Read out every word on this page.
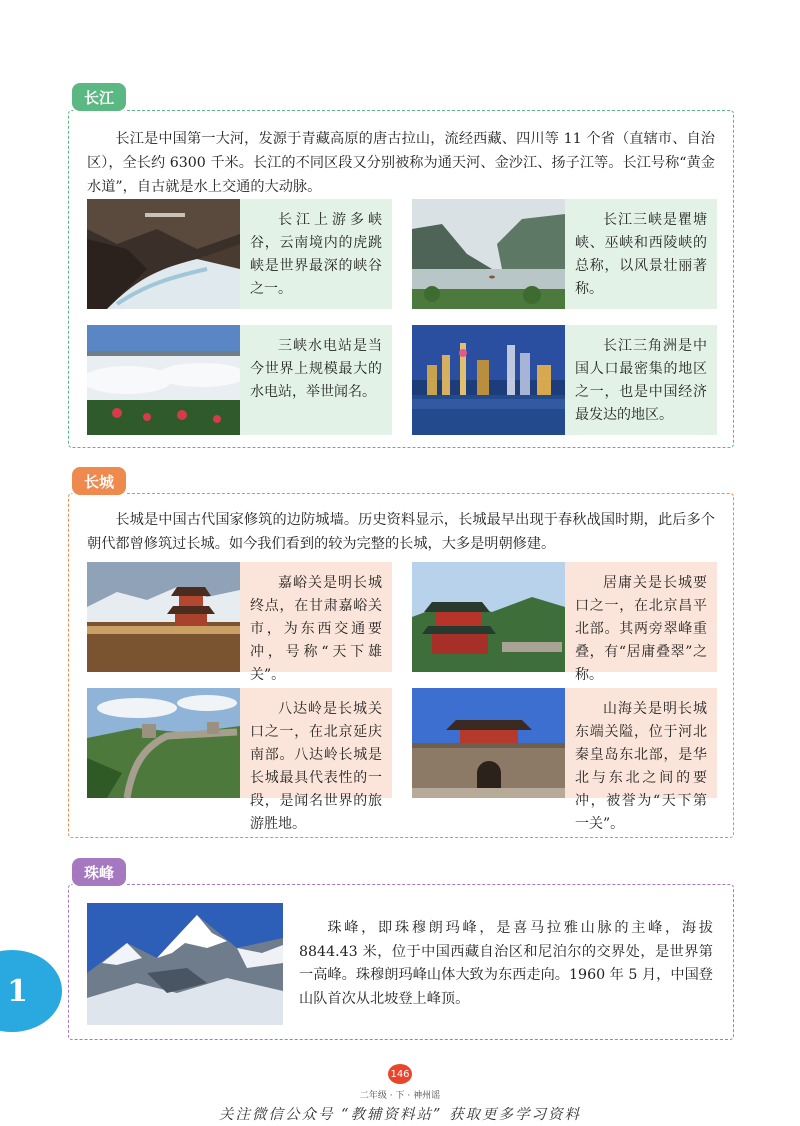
长江是中国第一大河，发源于青藏高原的唐古拉山，流经西藏、四川等 11 个省（直辖市、自治区），全长约 6300 千米。长江的不同区段又分别被称为通天河、金沙江、扬子江等。长江号称“黄金水道”，自古就是水上交通的大动脉。
长江上游多峡谷，云南境内的虎跳峡是世界最深的峡谷之一。
长江三峡是瞿塘峡、巫峡和西陵峡的总称，以风景壮丽著称。
三峡水电站是当今世界上规模最大的水电站，举世闻名。
长江三角洲是中国人口最密集的地区之一，也是中国经济最发达的地区。
长江
长城是中国古代国家修筑的边防城墙。历史资料显示，长城最早出现于春秋战国时期，此后多个朝代都曾修筑过长城。如今我们看到的较为完整的长城，大多是明朝修建。
嘉峪关是明长城终点，在甘肃嘉峪关市，为东西交通要冲，号称“天下雄关”。
居庸关是长城要口之一，在北京昌平北部。其两旁翠峰重叠，有“居庸叠翠”之称。
八达岭是长城关口之一，在北京延庆南部。八达岭长城是长城最具代表性的一段，是闻名世界的旅游胜地。
山海关是明长城东端关隘，位于河北秦皇岛东北部，是华北与东北之间的要冲，被誉为“天下第一关”。
长城
珠峰，即珠穆朗玛峰，是喜马拉雅山脉的主峰，海拔 8844.43 米，位于中国西藏自治区和尼泊尔的交界处，是世界第一高峰。珠穆朗玛峰山体大致为东西走向。1960 年 5 月，中国登山队首次从北坡登上峰顶。
珠峰
1
146
二年级 · 下 · 神州谣
关注微信公众号 “教辅资料站” 获取更多学习资料
